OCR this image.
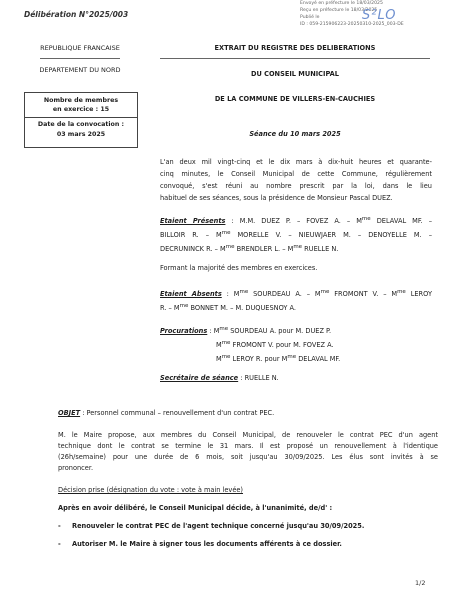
Délibération N°2025/003
Envoyé en préfecture le 18/03/2025
Reçu en préfecture le 18/03/2025
Publié le
ID : 059-215906223-20250310-2025_003-DE
S²LO
REPUBLIQUE FRANCAISE
DEPARTEMENT DU NORD
Nombre de membres
en exercice : 15
Date de la convocation :
03 mars 2025
EXTRAIT DU REGISTRE DES DELIBERATIONS
DU CONSEIL MUNICIPAL
DE LA COMMUNE DE VILLERS-EN-CAUCHIES
Séance du 10 mars 2025
L'an deux mil vingt-cinq et le dix mars à dix-huit heures et quarante-
cinq minutes, le Conseil Municipal de cette Commune, régulièrement
convoqué, s'est réuni au nombre prescrit par la loi, dans le lieu
habituel de ses séances, sous la présidence de Monsieur Pascal DUEZ.
Etaient Présents : M.M. DUEZ P. – FOVEZ A. – $M^{me}$ DELAVAL MF. –
BILLOIR R. – $M^{me}$ MORELLE V. – NIEUWJAER M. – DENOYELLE M. –
DECRUNINCK R. – $M^{me}$ BRENDLER L. – $M^{me}$ RUELLE N.
Formant la majorité des membres en exercices.
Etaient Absents : $M^{me}$ SOURDEAU A. – $M^{me}$ FROMONT V. – $M^{me}$ LEROY
R. – $M^{me}$ BONNET M. – M. DUQUESNOY A.
Procurations : $M^{me}$ SOURDEAU A. pour M. DUEZ P.
$M^{me}$ FROMONT V. pour M. FOVEZ A.
$M^{me}$ LEROY R. pour $M^{me}$ DELAVAL MF.
Secrétaire de séance : RUELLE N.
OBJET : Personnel communal – renouvellement d'un contrat PEC.
M. le Maire propose, aux membres du Conseil Municipal, de renouveler le contrat PEC d'un agent
technique dont le contrat se termine le 31 mars. Il est proposé un renouvellement à l'identique
(26h/semaine) pour une durée de 6 mois, soit jusqu'au 30/09/2025. Les élus sont invités à se
prononcer.
Décision prise (désignation du vote : vote à main levée)
Après en avoir délibéré, le Conseil Municipal décide, à l'unanimité, de/d' :
- Renouveler le contrat PEC de l'agent technique concerné jusqu'au 30/09/2025.
- Autoriser M. le Maire à signer tous les documents afférents à ce dossier.
1/2
